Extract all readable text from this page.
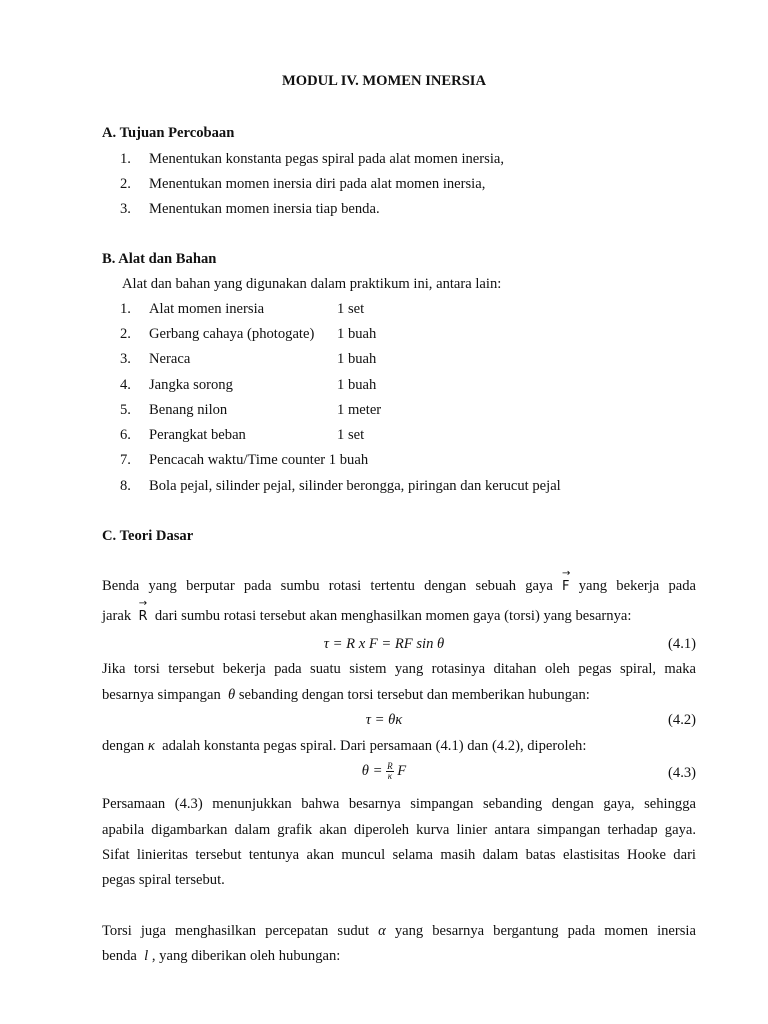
MODUL IV. MOMEN INERSIA
A. Tujuan Percobaan
1. Menentukan konstanta pegas spiral pada alat momen inersia,
2. Menentukan momen inersia diri pada alat momen inersia,
3. Menentukan momen inersia tiap benda.
B. Alat dan Bahan
Alat dan bahan yang digunakan dalam praktikum ini, antara lain:
1. Alat momen inersia	1 set
2. Gerbang cahaya (photogate) 1 buah
3. Neraca	1 buah
4. Jangka sorong	1 buah
5. Benang nilon	1 meter
6. Perangkat beban	1 set
7. Pencacah waktu/Time counter 1 buah
8. Bola pejal, silinder pejal, silinder berongga, piringan dan kerucut pejal
C. Teori Dasar
Benda yang berputar pada sumbu rotasi tertentu dengan sebuah gaya
→
F yang bekerja pada
jarak
→
R dari sumbu rotasi tersebut akan menghasilkan momen gaya (torsi) yang besarnya:
τ = R x F = RF sin θ	(4.1)
Jika torsi tersebut bekerja pada suatu sistem yang rotasinya ditahan oleh pegas spiral, maka
besarnya simpangan θ sebanding dengan torsi tersebut dan memberikan hubungan:
τ = θκ	(4.2)
dengan κ adalah konstanta pegas spiral. Dari persamaan (4.1) dan (4.2), diperoleh:
$\theta = \frac{R}{\kappa}$ F	(4.3)
Persamaan (4.3) menunjukkan bahwa besarnya simpangan sebanding dengan gaya, sehingga
apabila digambarkan dalam grafik akan diperoleh kurva linier antara simpangan terhadap gaya.
Sifat linieritas tersebut tentunya akan muncul selama masih dalam batas elastisitas Hooke dari
pegas spiral tersebut.
Torsi juga menghasilkan percepatan sudut α yang besarnya bergantung pada momen inersia
benda l , yang diberikan oleh hubungan:
